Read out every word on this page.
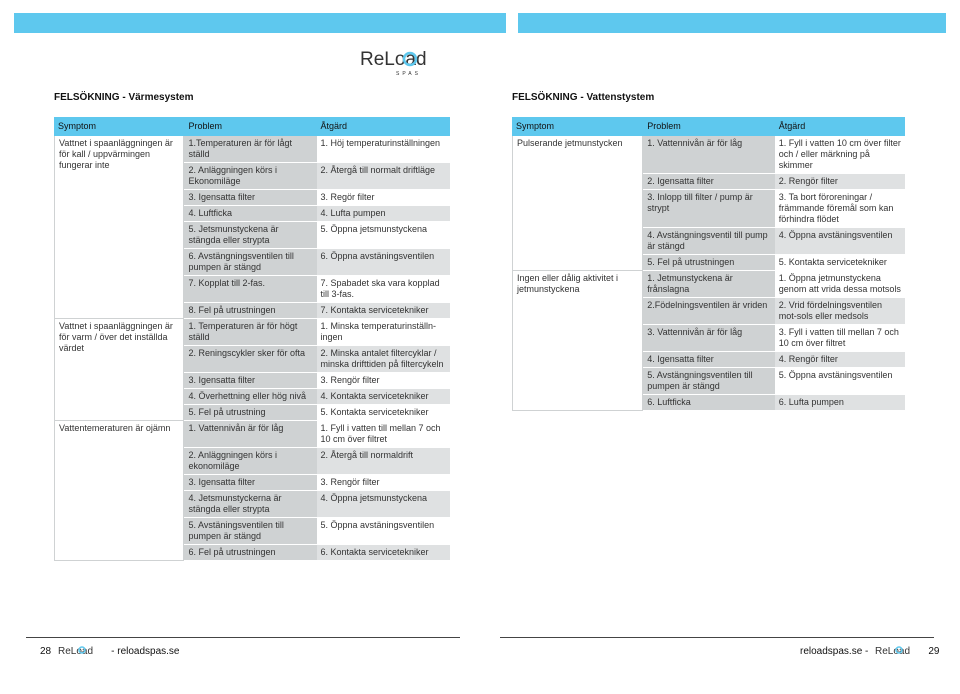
ReLoad
SPAS
FELSÖKNING - Värmesystem	FELSÖKNING - Vattenstystem
Symptom	Problem	Åtgärd
Vattnet i spaanläggningen är för kall / uppvärmingen fungerar inte	1.Temperaturen är för lågt ställd	1. Höj temperaturinställningen
	2. Anläggningen körs i Ekonomiläge	2. Återgå till normalt driftläge
	3. Igensatta filter	3. Regör filter
	4. Luftficka	4. Lufta pumpen
	5. Jetsmunstyckena är stängda eller strypta	5. Öppna jetsmunstyckena
	6. Avstängningsventilen till pumpen är stängd	6. Öppna avstäningsventilen
	7. Kopplat till 2-fas.	7. Spabadet ska vara kopplad till 3-fas.
	8. Fel på utrustningen	7. Kontakta servicetekniker
Vattnet i spaanläggningen är för varm / över det inställda värdet	1. Temperaturen är för högt ställd	1. Minska temperaturinställn-ingen
	2. Reningscykler sker för ofta	2. Minska antalet filtercyklar / minska drifttiden på filtercykeln
	3. Igensatta filter	3. Rengör filter
	4. Överhettning eller hög nivå	4. Kontakta servicetekniker
	5. Fel på utrustning	5. Kontakta servicetekniker
Vattentemeraturen är ojämn	1. Vattennivån är för låg	1. Fyll i vatten till mellan 7 och 10 cm över filtret
	2. Anläggningen körs i ekonomiläge	2. Återgå till normaldrift
	3. Igensatta filter	3. Rengör filter
	4. Jetsmunstyckerna är stängda eller strypta	4. Öppna jetsmunstyckena
	5. Avstäningsventilen till pumpen är stängd	5. Öppna avstäningsventilen
	6. Fel på utrustningen	6. Kontakta servicetekniker
Symptom	Problem	Åtgärd
Pulserande jetmunstycken	1. Vattennivån är för låg	1. Fyll i vatten 10 cm över filter och / eller märkning på skimmer
	2. Igensatta filter	2. Rengör filter
	3. Inlopp till filter / pump är strypt	3. Ta bort föroreningar / främmande föremål som kan förhindra flödet
	4. Avstängningsventil till pump är stängd	4. Öppna avstäningsventilen
	5. Fel på utrustningen	5. Kontakta servicetekniker
Ingen eller dålig aktivitet i jetmunstyckena	1. Jetmunstyckena är frånslagna	1. Öppna jetmunstyckena genom att vrida dessa motsols
	2.Födelningsventilen är vriden	2. Vrid fördelningsventilen mot-sols eller medsols
	3. Vattennivån är för låg	3. Fyll i vatten till mellan 7 och 10 cm över filtret
	4. Igensatta filter	4. Rengör filter
	5. Avstängningsventilen till pumpen är stängd	5. Öppna avstäningsventilen
	6. Luftficka	6. Lufta pumpen
28 ReLoad - reloadspas.se	reloadspas.se - ReLoad 29
